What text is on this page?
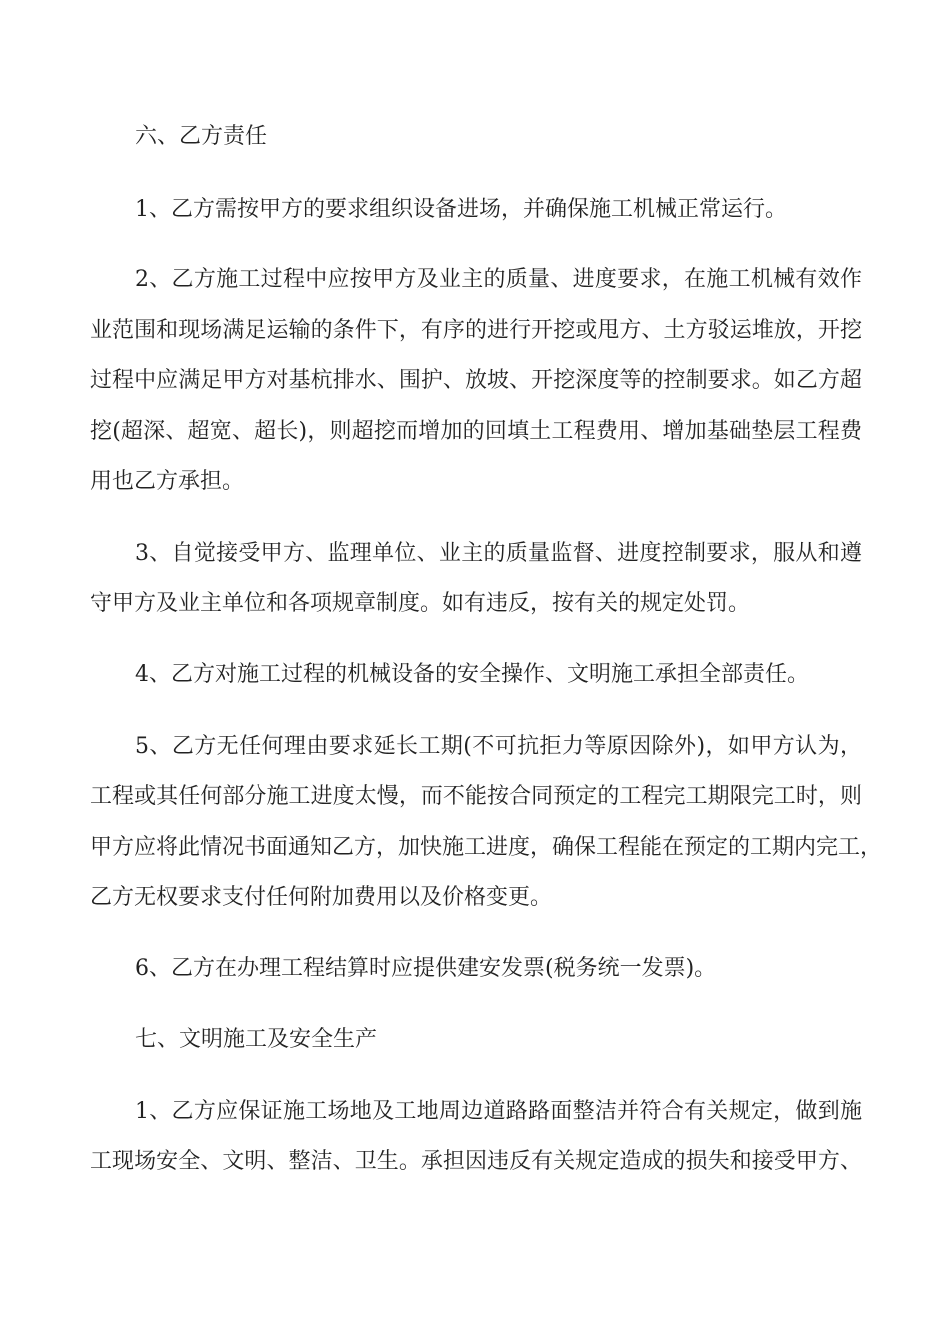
六、乙方责任
1、乙方需按甲方的要求组织设备进场，并确保施工机械正常运行。
2、乙方施工过程中应按甲方及业主的质量、进度要求，在施工机械有效作
业范围和现场满足运输的条件下，有序的进行开挖或甩方、土方驳运堆放，开挖
过程中应满足甲方对基杭排水、围护、放坡、开挖深度等的控制要求。如乙方超
挖(超深、超宽、超长)，则超挖而增加的回填土工程费用、增加基础垫层工程费
用也乙方承担。
3、自觉接受甲方、监理单位、业主的质量监督、进度控制要求，服从和遵
守甲方及业主单位和各项规章制度。如有违反，按有关的规定处罚。
4、乙方对施工过程的机械设备的安全操作、文明施工承担全部责任。
5、乙方无任何理由要求延长工期(不可抗拒力等原因除外)，如甲方认为，
工程或其任何部分施工进度太慢，而不能按合同预定的工程完工期限完工时，则
甲方应将此情况书面通知乙方，加快施工进度，确保工程能在预定的工期内完工，
乙方无权要求支付任何附加费用以及价格变更。
6、乙方在办理工程结算时应提供建安发票(税务统一发票)。
七、文明施工及安全生产
1、乙方应保证施工场地及工地周边道路路面整洁并符合有关规定，做到施
工现场安全、文明、整洁、卫生。承担因违反有关规定造成的损失和接受甲方、
